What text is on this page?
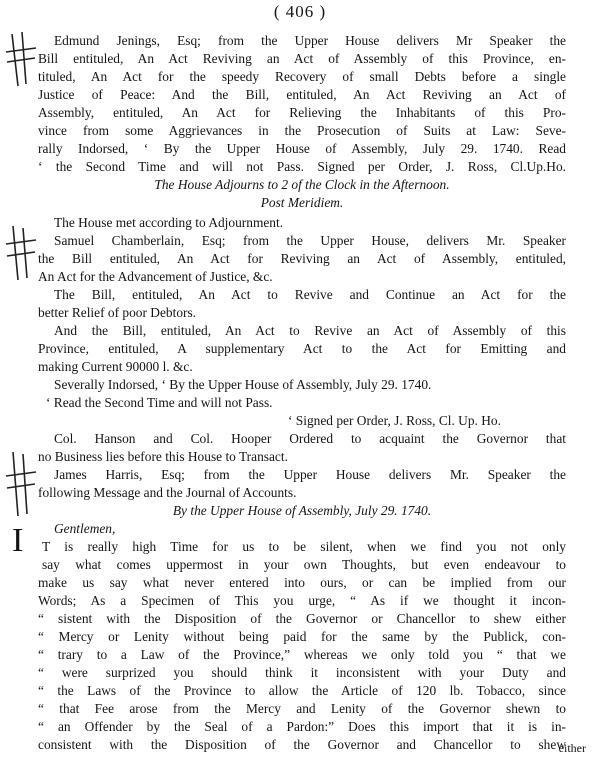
( 406 )
Edmund Jenings, Esq; from the Upper House delivers Mr Speaker the
Bill entituled, An Act Reviving an Act of Assembly of this Province, en-
tituled, An Act for the speedy Recovery of small Debts before a single
Justice of Peace: And the Bill, entituled, An Act Reviving an Act of
Assembly, entituled, An Act for Relieving the Inhabitants of this Pro-
vince from some Aggrievances in the Prosecution of Suits at Law: Seve-
rally Indorsed, ‘ By the Upper House of Assembly, July 29. 1740. Read
‘ the Second Time and will not Pass. Signed per Order, J. Ross, Cl.Up.Ho.
The House Adjourns to 2 of the Clock in the Afternoon.
Post Meridiem.
The House met according to Adjournment.
Samuel Chamberlain, Esq; from the Upper House, delivers Mr. Speaker
the Bill entituled, An Act for Reviving an Act of Assembly, entituled,
An Act for the Advancement of Justice, &c.
The Bill, entituled, An Act to Revive and Continue an Act for the
better Relief of poor Debtors.
And the Bill, entituled, An Act to Revive an Act of Assembly of this
Province, entituled, A supplementary Act to the Act for Emitting and
making Current 90000 l. &c.
Severally Indorsed, ‘ By the Upper House of Assembly, July 29. 1740.
‘ Read the Second Time and will not Pass.
‘ Signed per Order, J. Ross, Cl. Up. Ho.
Col. Hanson and Col. Hooper Ordered to acquaint the Governor that
no Business lies before this House to Transact.
James Harris, Esq; from the Upper House delivers Mr. Speaker the
following Message and the Journal of Accounts.
By the Upper House of Assembly, July 29. 1740.
Gentlemen,
I T is really high Time for us to be silent, when we find you not only
say what comes uppermost in your own Thoughts, but even endeavour to
make us say what never entered into ours, or can be implied from our
Words; As a Specimen of This you urge, “ As if we thought it incon-
“ sistent with the Disposition of the Governor or Chancellor to shew either
“ Mercy or Lenity without being paid for the same by the Publick, con-
“ trary to a Law of the Province,” whereas we only told you “ that we
“ were surprized you should think it inconsistent with your Duty and
“ the Laws of the Province to allow the Article of 120 lb. Tobacco, since
“ that Fee arose from the Mercy and Lenity of the Governor shewn to
“ an Offender by the Seal of a Pardon:” Does this import that it is in-
consistent with the Disposition of the Governor and Chancellor to shew
either
